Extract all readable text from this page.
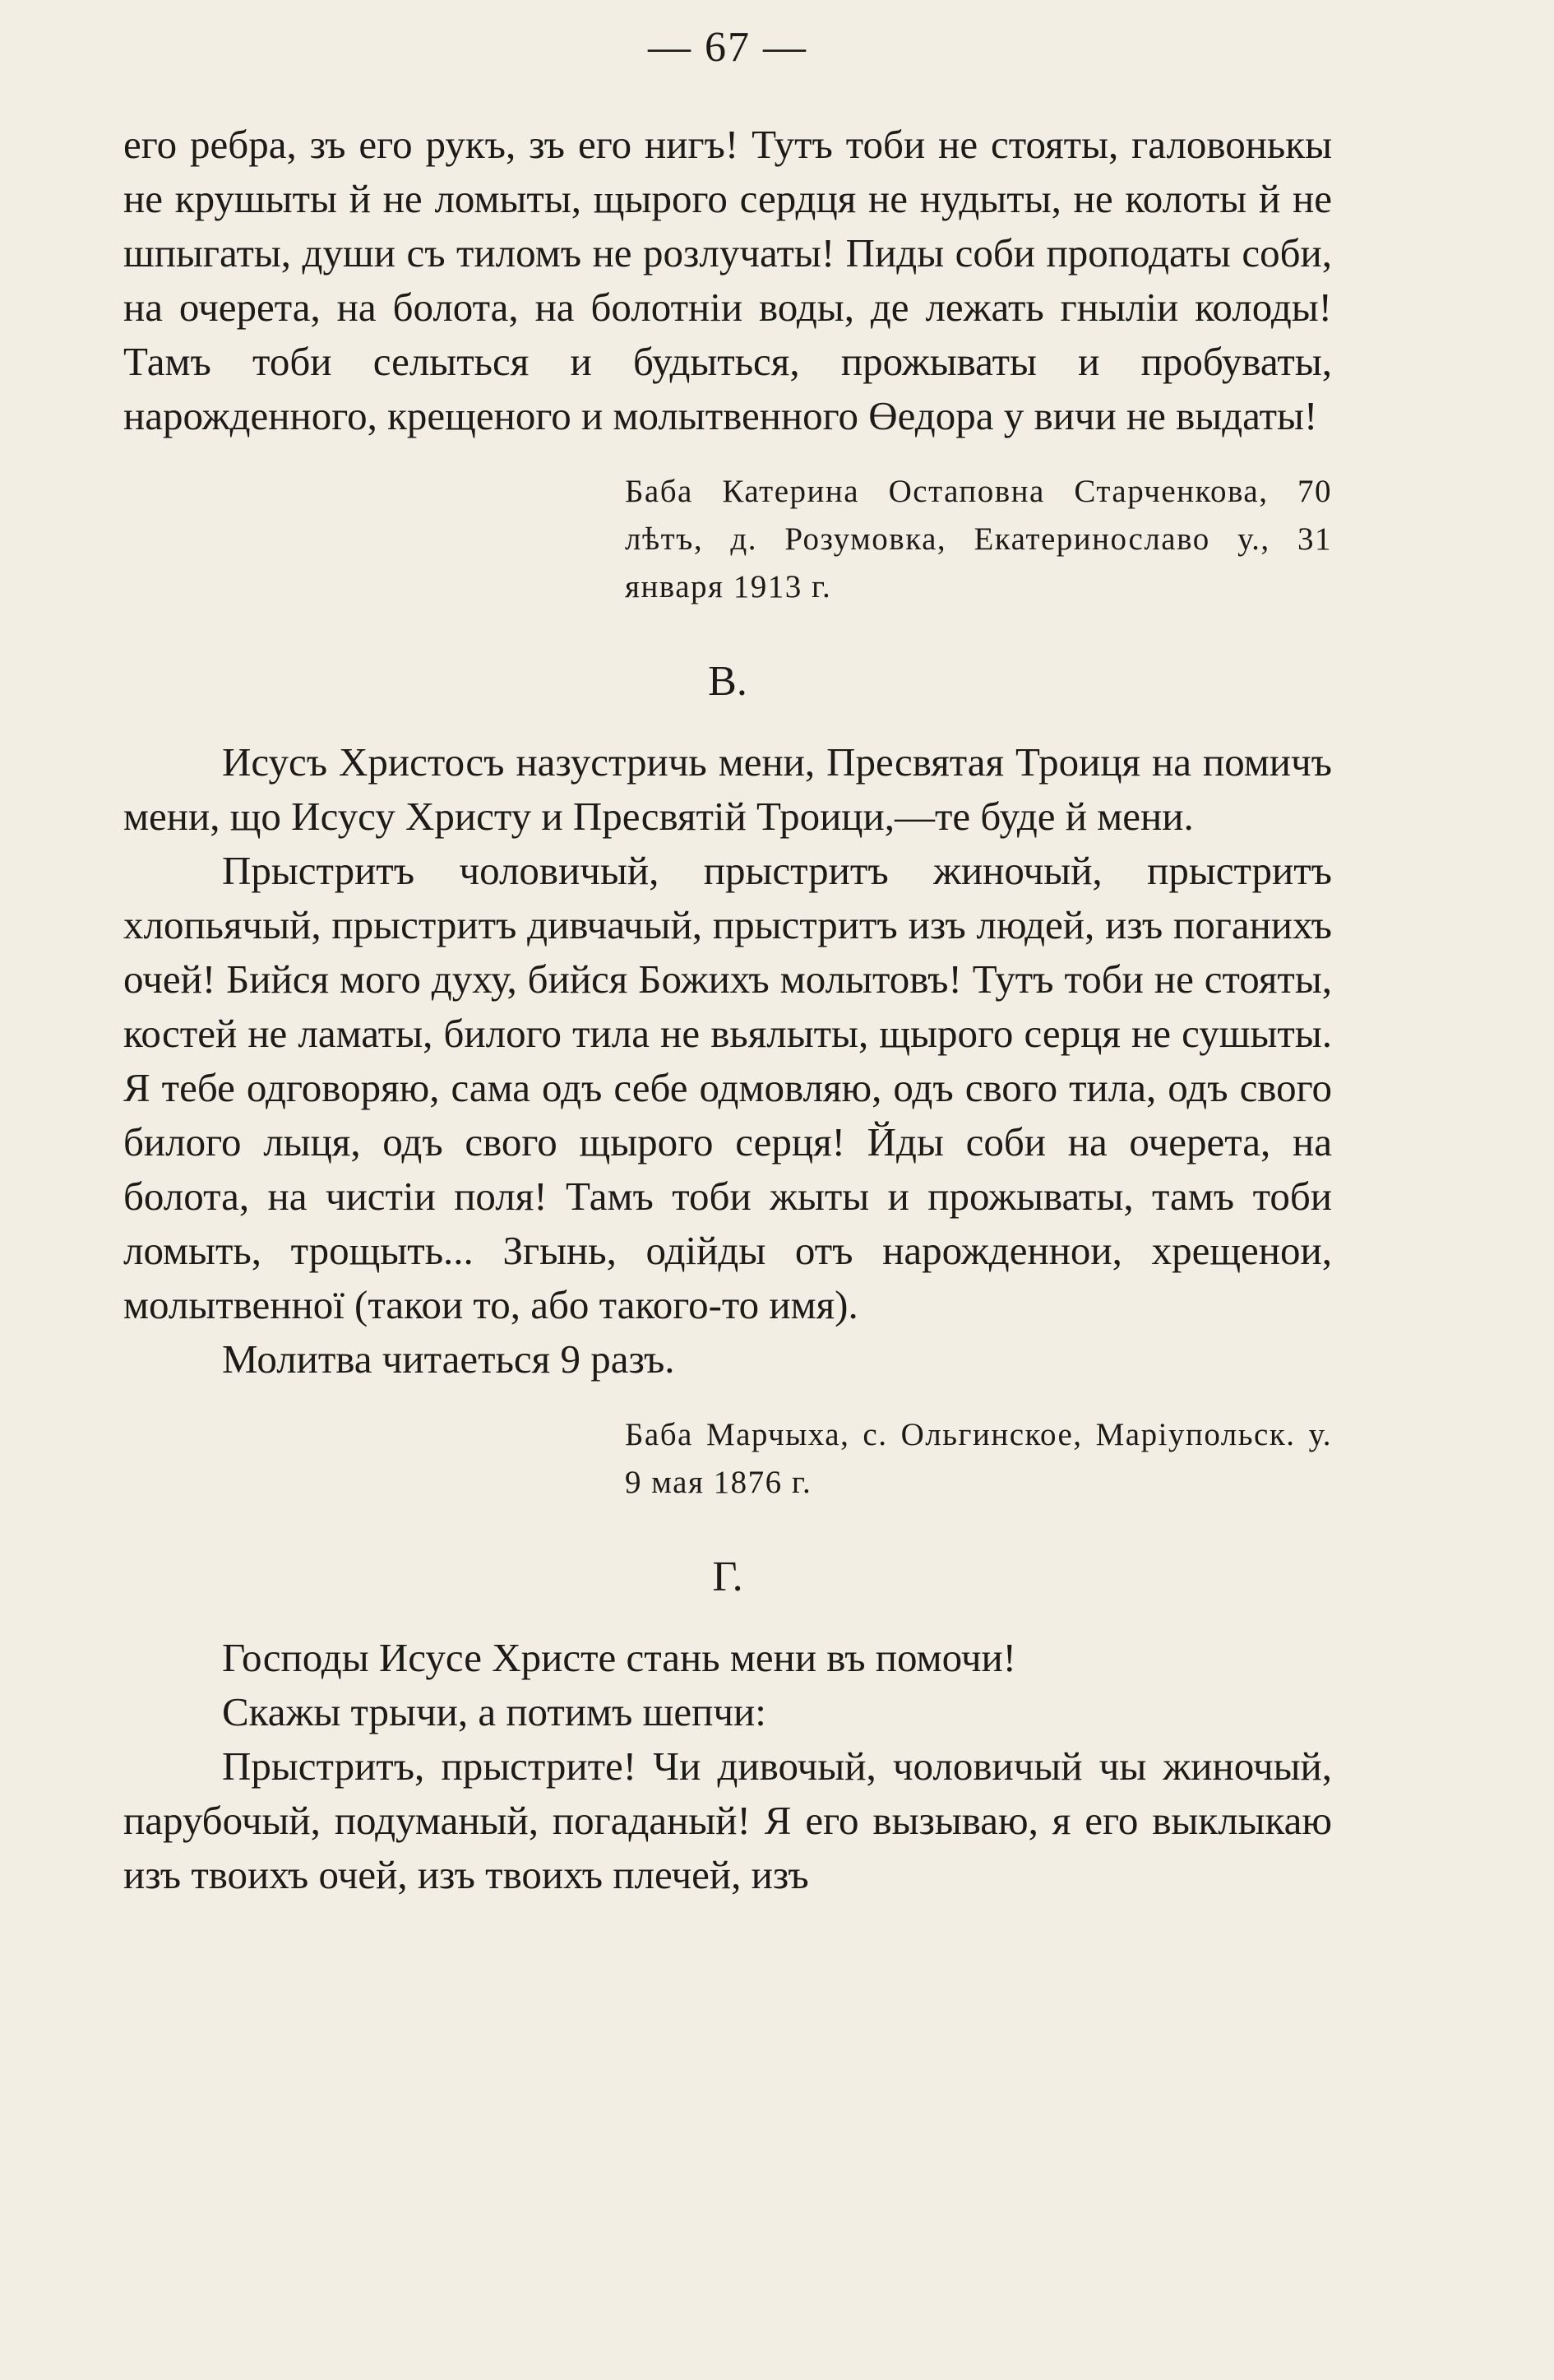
— 67 —

его ребра, зъ его рукъ, зъ его нигъ! Тутъ тоби не стояты, галовонькы не крушыты й не ломыты, щырого сердця не нудыты, не колоты й не шпыгаты, души съ тиломъ не розлучаты! Пиды соби проподаты соби, на очерета, на болота, на болотніи воды, де лежать гныліи колоды! Тамъ тоби селыться и будыться, прожываты и пробуваты, нарожденного, крещеного и молытвенного Өедора у вичи не выдаты!

Баба Катерина Остаповна Старченкова, 70 лѣтъ, д. Розумовка, Екатеринославо у., 31 января 1913 г.
В.

Исусъ Христосъ назустричь мени, Пресвятая Троиця на помичъ мени, що Исусу Христу и Пресвятій Троици,—те буде й мени.

Прыстритъ чоловичый, прыстритъ жиночый, прыстритъ хлопьячый, прыстритъ дивчачый, прыстритъ изъ людей, изъ поганихъ очей! Бийся мого духу, бийся Божихъ молытовъ! Тутъ тоби не стояты, костей не ламаты, билого тила не вьялыты, щырого серця не сушыты. Я тебе одговоряю, сама одъ себе одмовляю, одъ свого тила, одъ свого билого лыця, одъ свого щырого серця! Йды соби на очерета, на болота, на чистіи поля! Тамъ тоби жыты и прожываты, тамъ тоби ломыть, трощыть... Згынь, одійды отъ нарожденнои, хрещенои, молытвенної (такои то, або такого-то имя).

Молитва читаеться 9 разъ.

Баба Марчыха, с. Ольгинское, Маріупольск. у. 9 мая 1876 г.
Г.

Господы Исусе Христе стань мени въ помочи!

Скажы трычи, а потимъ шепчи:

Прыстритъ, прыстрите! Чи дивочый, чоловичый чы жиночый, парубочый, подуманый, погаданый! Я его вызываю, я его выклыкаю изъ твоихъ очей, изъ твоихъ плечей, изъ
